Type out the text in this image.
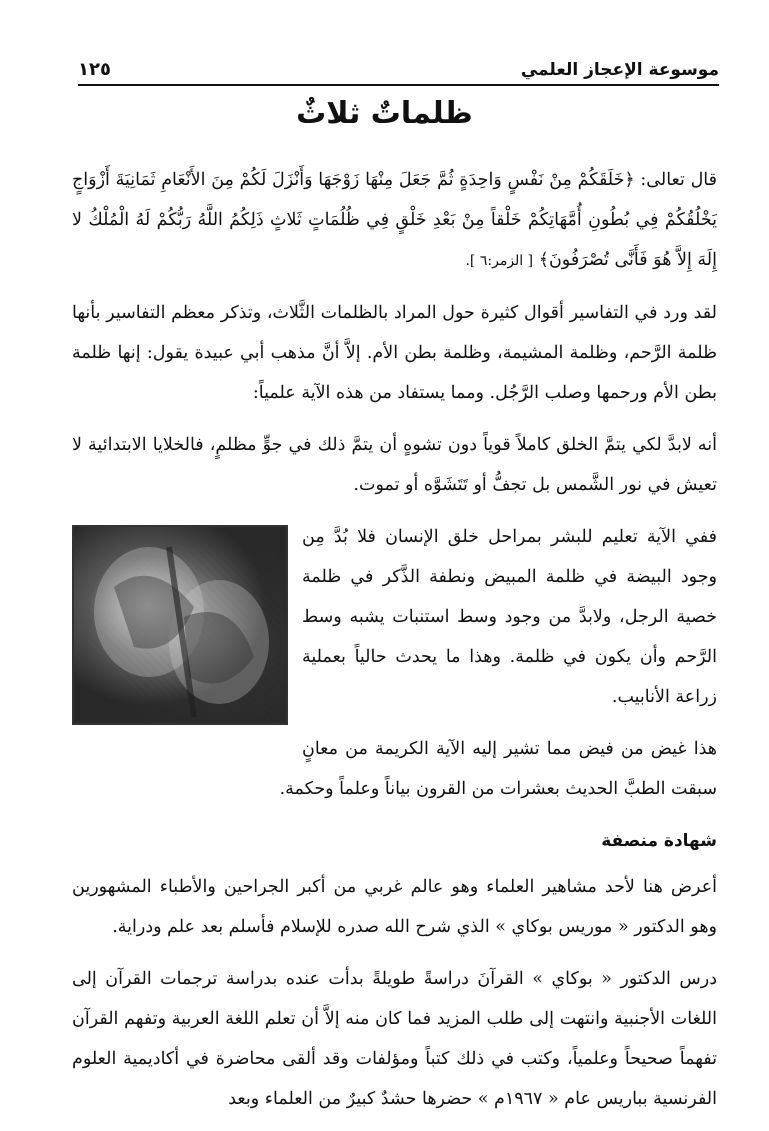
موسوعة الإعجاز العلمي
١٢٥
ظلماتٌ ثلاثٌ

قال تعالى: ﴿خَلَقَكُمْ مِنْ نَفْسٍ وَاحِدَةٍ ثُمَّ جَعَلَ مِنْهَا زَوْجَهَا وَأَنْزَلَ لَكُمْ مِنَ الأَنْعَامِ ثَمَانِيَةَ أَزْوَاجٍ يَخْلُقُكُمْ فِي بُطُونِ أُمَّهَاتِكُمْ خَلْقاً مِنْ بَعْدِ خَلْقٍ فِي ظُلُمَاتٍ ثَلاثٍ ذَلِكُمُ اللَّهُ رَبُّكُمْ لَهُ الْمُلْكُ لا إِلَهَ إِلاَّ هُوَ فَأَنَّى تُصْرَفُونَ﴾ [ الزمر:٦ ].

لقد ورد في التفاسير أقوال كثيرة حول المراد بالظلمات الثَّلاث، وتذكر معظم التفاسير بأنها ظلمة الرَّحم، وظلمة المشيمة، وظلمة بطن الأم. إلاَّ أنَّ مذهب أبي عبيدة يقول: إنها ظلمة بطن الأم ورحمها وصلب الرَّجُل. ومما يستفاد من هذه الآية علمياً:

أنه لابدَّ لكي يتمَّ الخلق كاملاً قوياً دون تشوهٍ أن يتمَّ ذلك في جوٍّ مظلمٍ، فالخلايا الابتدائية لا تعيش في نور الشَّمس بل تجفُّ أو تَتَشَوَّه أو تموت.

ففي الآية تعليم للبشر بمراحل خلق الإنسان فلا بُدَّ مِن وجود البيضة في ظلمة المبيض ونطفة الذَّكر في ظلمة خصية الرجل، ولابدَّ من وجود وسط استنبات يشبه وسط الرَّحم وأن يكون في ظلمة. وهذا ما يحدث حالياً بعملية زراعة الأنابيب.

هذا غيض من فيض مما تشير إليه الآية الكريمة من معانٍ سبقت الطبَّ الحديث بعشرات من القرون بياناً وعلماً وحكمة.

شهادة منصفة

أعرض هنا لأحد مشاهير العلماء وهو عالم غربي من أكبر الجراحين والأطباء المشهورين وهو الدكتور « موريس بوكاي » الذي شرح الله صدره للإسلام فأسلم بعد علم ودراية.

درس الدكتور « بوكاي » القرآنَ دراسةً طويلةً بدأت عنده بدراسة ترجمات القرآن إلى اللغات الأجنبية وانتهت إلى طلب المزيد فما كان منه إلاَّ أن تعلم اللغة العربية وتفهم القرآن تفهماً صحيحاً وعلمياً، وكتب في ذلك كتباً ومؤلفات وقد ألقى محاضرة في أكاديمية العلوم الفرنسية بباريس عام « ١٩٦٧م » حضرها حشدٌ كبيرٌ من العلماء وبعد
